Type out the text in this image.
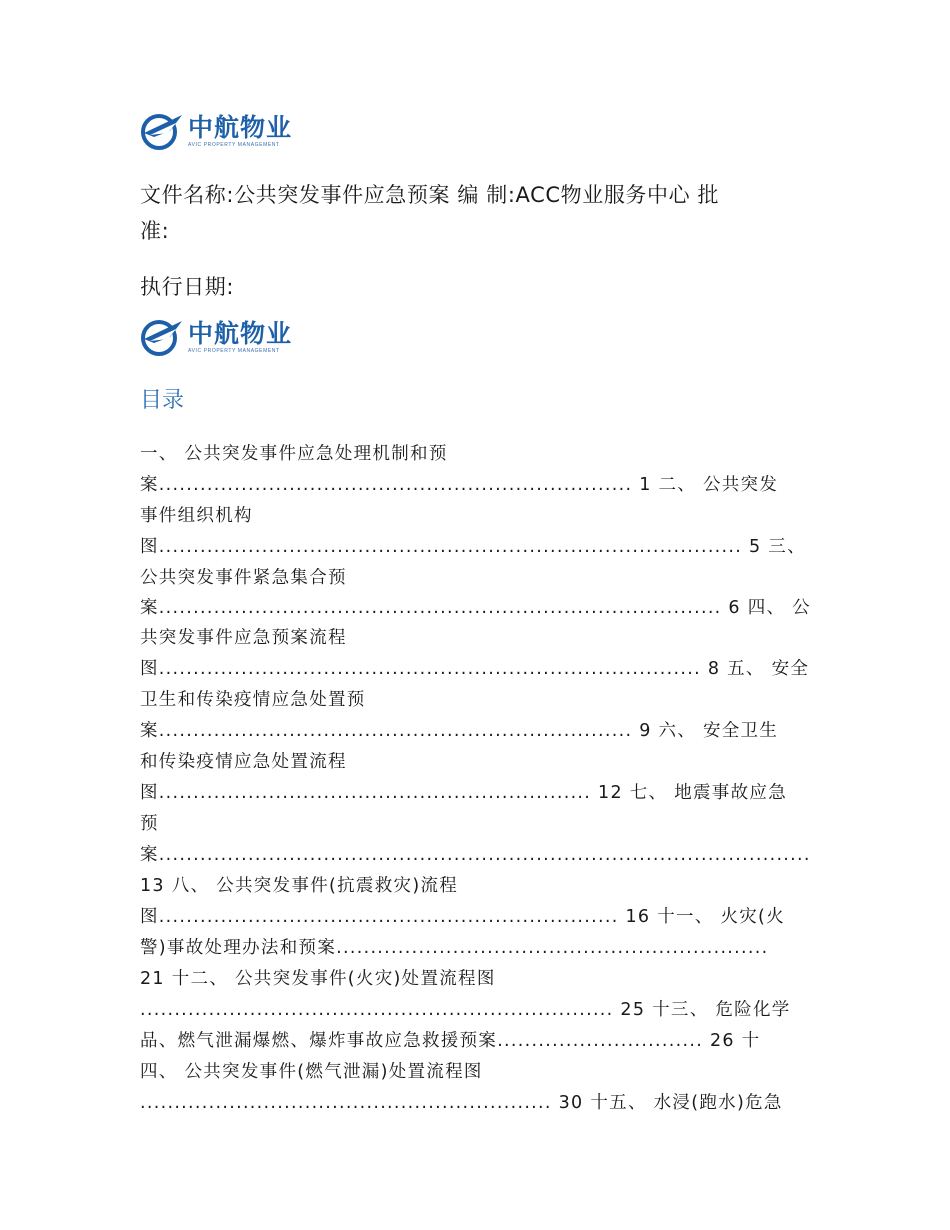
中航物业
AVIC PROPERTY MANAGEMENT
文件名称:公共突发事件应急预案 编 制:ACC物业服务中心 批
准:
执行日期:
中航物业
AVIC PROPERTY MANAGEMENT
目录
一、 公共突发事件应急处理机制和预
案..................................................................... 1 二、 公共突发
事件组织机构
图..................................................................................... 5 三、
公共突发事件紧急集合预
案.................................................................................. 6 四、 公
共突发事件应急预案流程
图............................................................................... 8 五、 安全
卫生和传染疫情应急处置预
案..................................................................... 9 六、 安全卫生
和传染疫情应急处置流程
图............................................................... 12 七、 地震事故应急
预
案...............................................................................................
13 八、 公共突发事件(抗震救灾)流程
图................................................................... 16 十一、 火灾(火
警)事故处理办法和预案...............................................................
21 十二、 公共突发事件(火灾)处置流程图
..................................................................... 25 十三、 危险化学
品、燃气泄漏爆燃、爆炸事故应急救援预案.............................. 26 十
四、 公共突发事件(燃气泄漏)处置流程图
............................................................ 30 十五、 水浸(跑水)危急
